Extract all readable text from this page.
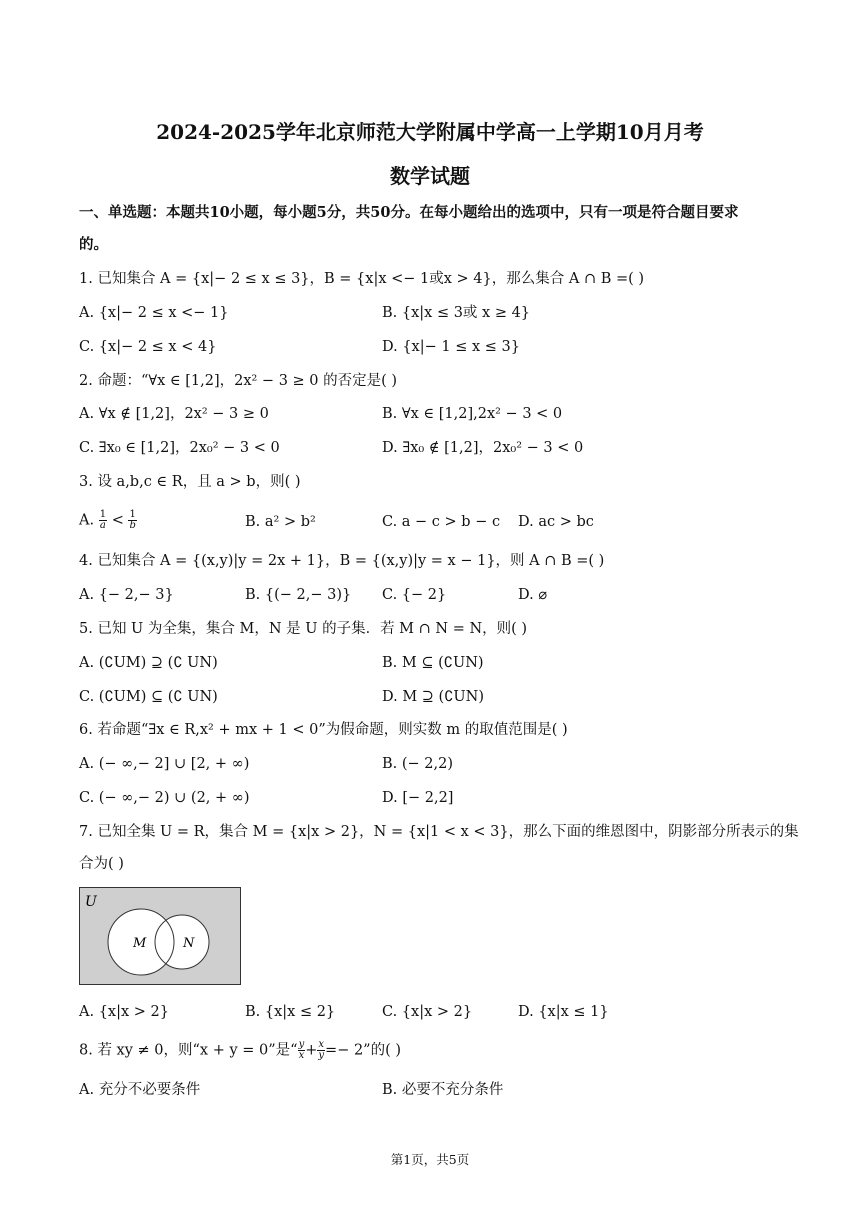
2024-2025学年北京师范大学附属中学高一上学期10月月考
数学试题
一、单选题：本题共10小题，每小题5分，共50分。在每小题给出的选项中，只有一项是符合题目要求
的。
1. 已知集合 A = {x|− 2 ≤ x ≤ 3}，B = {x|x <− 1或x > 4}，那么集合 A ∩ B =( )
A. {x|− 2 ≤ x <− 1}	B. {x|x ≤ 3或 x ≥ 4}
C. {x|− 2 ≤ x < 4}	D. {x|− 1 ≤ x ≤ 3}
2. 命题：“∀x ∈ [1,2]，2x² − 3 ≥ 0 的否定是( )
A. ∀x ∉ [1,2]，2x² − 3 ≥ 0	B. ∀x ∈ [1,2],2x² − 3 < 0
C. ∃x₀ ∈ [1,2]，2x₀² − 3 < 0	D. ∃x₀ ∉ [1,2]，2x₀² − 3 < 0
3. 设 a,b,c ∈ R，且 a > b，则( )
A. $\frac{1}{a} < \frac{1}{b}$	B. a² > b²	C. a − c > b − c D. ac > bc
4. 已知集合 A = {(x,y)|y = 2x + 1}，B = {(x,y)|y = x − 1}，则 A ∩ B =( )
A. {− 2,− 3}	B. {(− 2,− 3)} C. {− 2}	D. ⌀
5. 已知 U 为全集，集合 M，N 是 U 的子集．若 M ∩ N = N，则( )
A. (∁UM) ⊇ (∁ UN)	B. M ⊆ (∁UN)
C. (∁UM) ⊆ (∁ UN)	D. M ⊇ (∁UN)
6. 若命题“∃x ∈ R,x² + mx + 1 < 0”为假命题，则实数 m 的取值范围是( )
A. (− ∞,− 2] ∪ [2, + ∞)	B. (− 2,2)
C. (− ∞,− 2) ∪ (2, + ∞)	D. [− 2,2]
7. 已知全集 U = R，集合 M = {x|x > 2}，N = {x|1 < x < 3}，那么下面的维恩图中，阴影部分所表示的集
合为( )
U
M	N
A. {x|x > 2}	B. {x|x ≤ 2}	C. {x|x > 2}	D. {x|x ≤ 1}
8. 若 xy ≠ 0，则“x + y = 0”是“ $\frac{y}{x} + \frac{x}{y} =- 2$”的( )
A. 充分不必要条件	B. 必要不充分条件
第1页，共5页
